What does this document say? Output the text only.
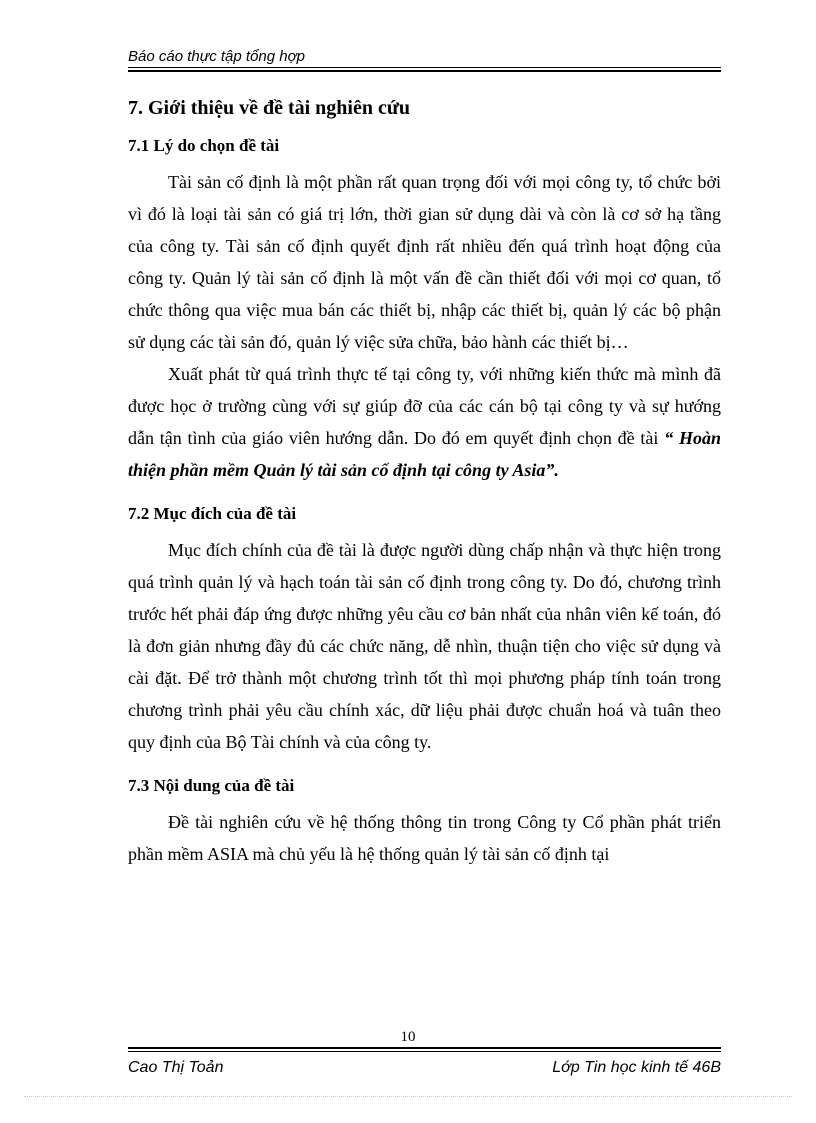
Báo cáo thực tập tổng hợp
7. Giới thiệu về đề tài nghiên cứu
7.1 Lý do chọn đề tài

Tài sản cố định là một phần rất quan trọng đối với mọi công ty, tổ chức bởi vì đó là loại tài sản có giá trị lớn, thời gian sử dụng dài và còn là cơ sở hạ tầng của công ty. Tài sản cố định quyết định rất nhiều đến quá trình hoạt động của công ty. Quản lý tài sản cố định là một vấn đề cần thiết đối với mọi cơ quan, tổ chức thông qua việc mua bán các thiết bị, nhập các thiết bị, quản lý các bộ phận sử dụng các tài sản đó, quản lý việc sửa chữa, bảo hành các thiết bị…

Xuất phát từ quá trình thực tế tại công ty, với những kiến thức mà mình đã được học ở trường cùng với sự giúp đỡ của các cán bộ tại công ty và sự hướng dẫn tận tình của giáo viên hướng dẫn. Do đó em quyết định chọn đề tài “ Hoàn thiện phần mềm Quản lý tài sản cố định tại công ty Asia”.

7.2 Mục đích của đề tài

Mục đích chính của đề tài là được người dùng chấp nhận và thực hiện trong quá trình quản lý và hạch toán tài sản cố định trong công ty. Do đó, chương trình trước hết phải đáp ứng được những yêu cầu cơ bản nhất của nhân viên kế toán, đó là đơn giản nhưng đầy đủ các chức năng, dễ nhìn, thuận tiện cho việc sử dụng và cài đặt. Để trở thành một chương trình tốt thì mọi phương pháp tính toán trong chương trình phải yêu cầu chính xác, dữ liệu phải được chuẩn hoá và tuân theo quy định của Bộ Tài chính và của công ty.

7.3 Nội dung của đề tài

Đề tài nghiên cứu về hệ thống thông tin trong Công ty Cổ phần phát triển phần mềm ASIA mà chủ yếu là hệ thống quản lý tài sản cố định tại

10
Cao Thị Toản	Lớp Tin học kinh tế 46B
